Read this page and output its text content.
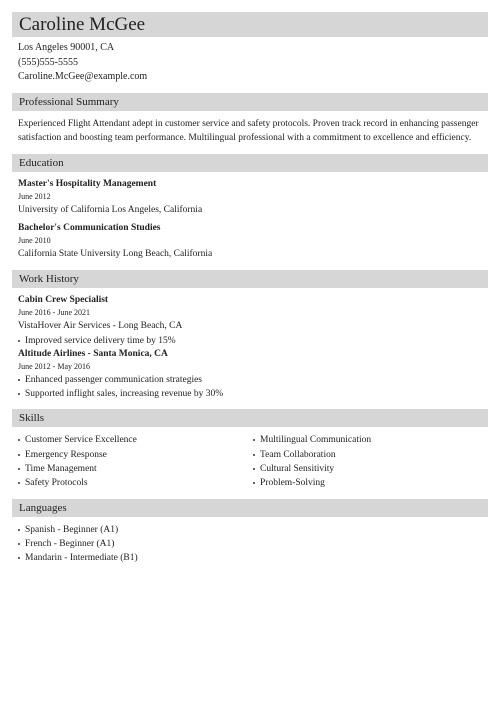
Caroline McGee
Los Angeles 90001, CA
(555)555-5555
Caroline.McGee@example.com
Professional Summary
Experienced Flight Attendant adept in customer service and safety protocols. Proven track record in enhancing passenger satisfaction and boosting team performance. Multilingual professional with a commitment to excellence and efficiency.
Education
Master's Hospitality Management
June 2012
University of California Los Angeles, California
Bachelor's Communication Studies
June 2010
California State University Long Beach, California
Work History
Cabin Crew Specialist
June 2016 - June 2021
VistaHover Air Services - Long Beach, CA
Improved service delivery time by 15%
Altitude Airlines - Santa Monica, CA
June 2012 - May 2016
Enhanced passenger communication strategies
Supported inflight sales, increasing revenue by 30%
Skills
Customer Service Excellence
Emergency Response
Time Management
Safety Protocols
Multilingual Communication
Team Collaboration
Cultural Sensitivity
Problem-Solving
Languages
Spanish - Beginner (A1)
French - Beginner (A1)
Mandarin - Intermediate (B1)
